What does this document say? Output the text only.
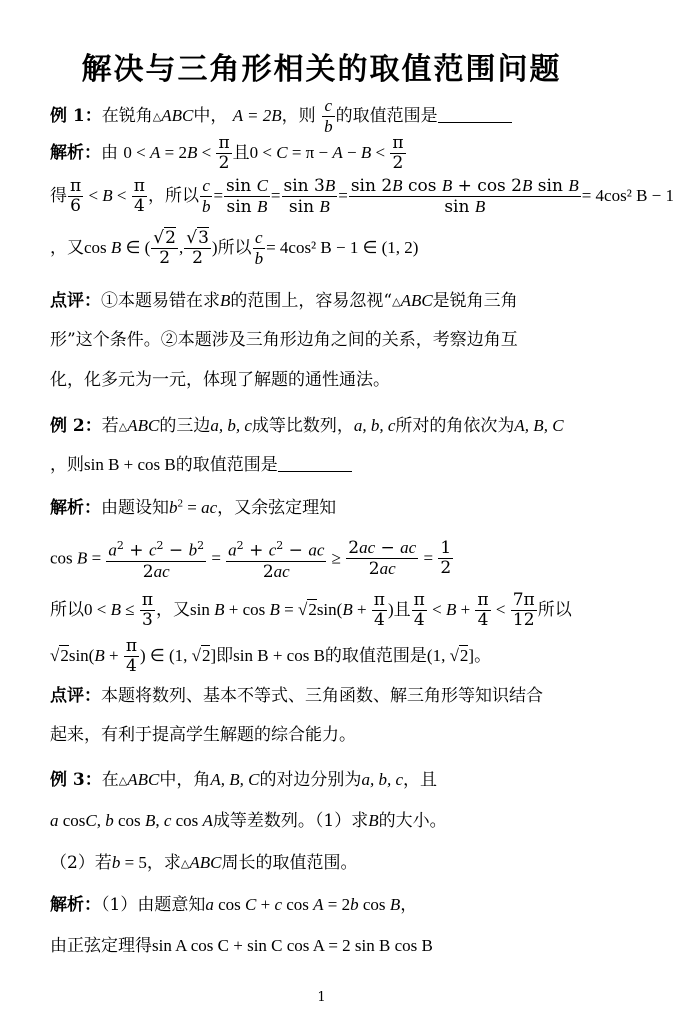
解决与三角形相关的取值范围问题
例 1：在锐角△ABC中， A = 2B，则 $\frac{c}{b}$ 的取值范围是
解析：由 $0 < A = 2B < \frac{\pi}{2}$ 且$0 < C = \pi - A - B < \frac{\pi}{2}$
得 $\frac{\pi}{6} < B < \frac{\pi}{4}$ ，所以 $\frac{c}{b} = \frac{\text{sin C}}{\text{sin B}} = \frac{\sin 3B}{\text{sin B}} = \frac{\text{sin 2B cos B + cos 2B sin B}}{\text{sin B}} = 4\cos^2$ B − 1
，又cos B ∈ ( $\frac{√2}{2}$ , $\frac{√3}{2}$ )所以 $\frac{c}{b} = 4\cos^2$ B − 1 ∈ (1, 2)
点评：①本题易错在求B的范围上，容易忽视“△ABC是锐角三角
形”这个条件。②本题涉及三角形边角之间的关系，考察边角互
化，化多元为一元，体现了解题的通性通法。
例 2：若△ABC的三边a, b, c成等比数列，a, b, c所对的角依次为A, B, C
，则sin B + cos B的取值范围是
解析：由题设知$b^2$ = ac，又余弦定理知
$\cos B = \frac{a^2 + c^2 - b^2}{2ac} = \frac{a^2 + c^2 - ac}{2ac} \ge \frac{2ac - ac}{2ac} = \frac{1}{2}$
所以$0 < B \le \frac{\pi}{3}$ ，又$\sin B + \cos B = √2\sin(B + \frac{\pi}{4}$ )且 $\frac{\pi}{4} < B + \frac{\pi}{4} < \frac{7\pi}{12}$ 所以
$√2\sin(B + \frac{\pi}{4}$ ) ∈ (1, √2]即sin B + cos B的取值范围是(1, √2]。
点评：本题将数列、基本不等式、三角函数、解三角形等知识结合
起来，有利于提高学生解题的综合能力。
例 3：在△ABC中，角A, B, C的对边分别为a, b, c，且
a cosC, b cos B, c cos A成等差数列。（1）求B的大小。
（2）若b = 5，求△ABC周长的取值范围。
解析：（1）由题意知a cos C + c cos A = 2b cos B，
由正弦定理得sin A cos C + sin C cos A = 2 sin B cos B
1
